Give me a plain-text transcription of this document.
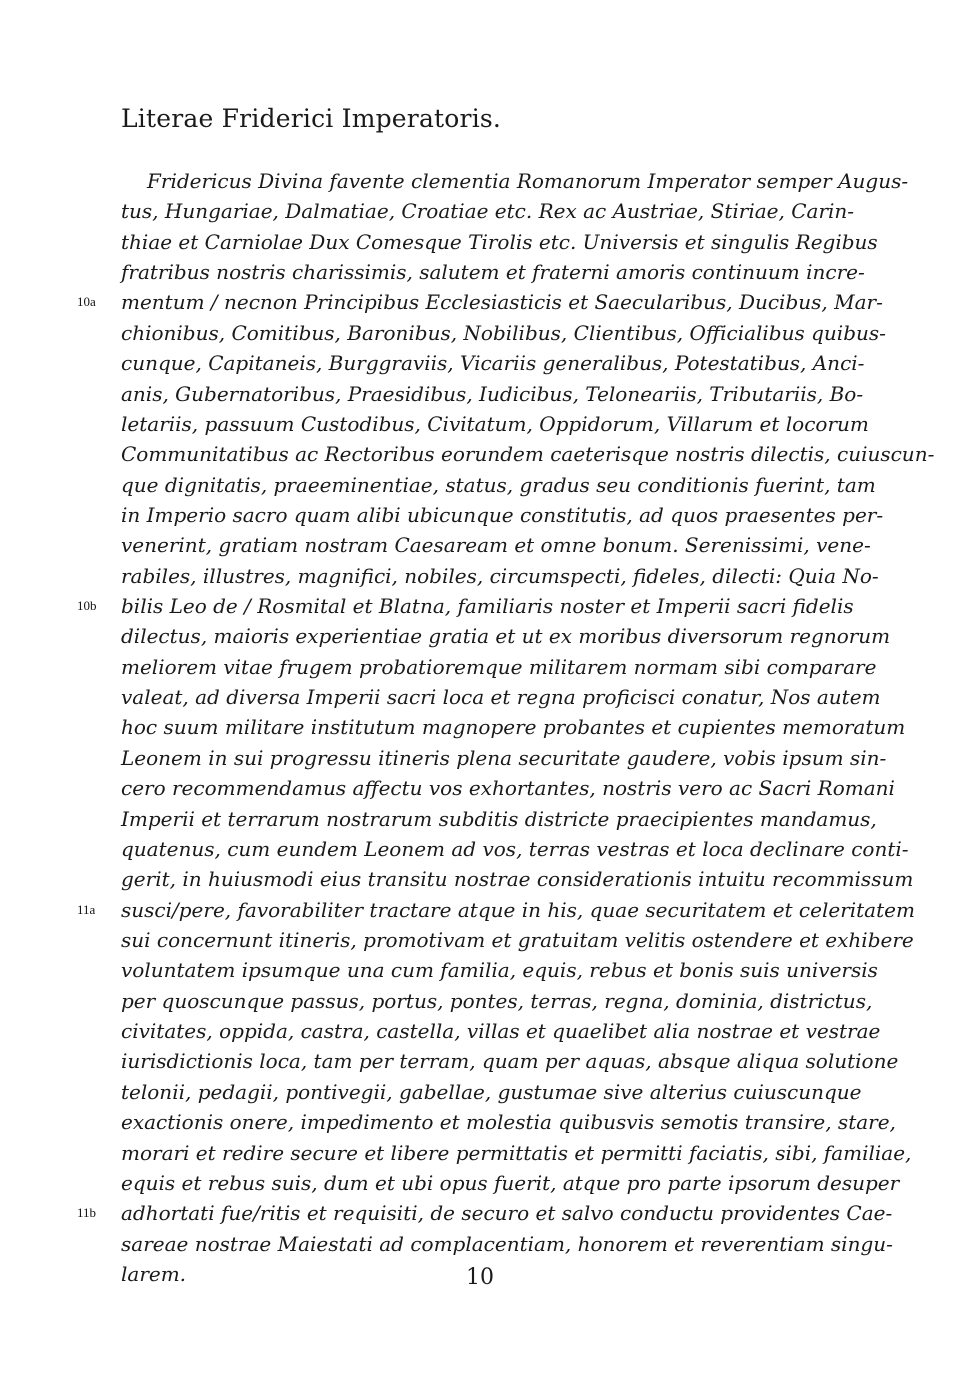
Literae Friderici Imperatoris.
Fridericus Divina favente clementia Romanorum Imperator semper Augus-
tus, Hungariae, Dalmatiae, Croatiae etc. Rex ac Austriae, Stiriae, Carin-
thiae et Carniolae Dux Comesque Tirolis etc. Universis et singulis Regibus
fratribus nostris charissimis, salutem et fraterni amoris continuum incre-
mentum / necnon Principibus Ecclesiasticis et Saecularibus, Ducibus, Mar-
10a
chionibus, Comitibus, Baronibus, Nobilibus, Clientibus, Officialibus quibus-
cunque, Capitaneis, Burggraviis, Vicariis generalibus, Potestatibus, Anci-
anis, Gubernatoribus, Praesidibus, Iudicibus, Teloneariis, Tributariis, Bo-
letariis, passuum Custodibus, Civitatum, Oppidorum, Villarum et locorum
Communitatibus ac Rectoribus eorundem caeterisque nostris dilectis, cuiuscun-
que dignitatis, praeeminentiae, status, gradus seu conditionis fuerint, tam
in Imperio sacro quam alibi ubicunque constitutis, ad quos praesentes per-
venerint, gratiam nostram Caesaream et omne bonum. Serenissimi, vene-
rabiles, illustres, magnifici, nobiles, circumspecti, fideles, dilecti: Quia No-
bilis Leo de / Rosmital et Blatna, familiaris noster et Imperii sacri fidelis
10b
dilectus, maioris experientiae gratia et ut ex moribus diversorum regnorum
meliorem vitae frugem probatioremque militarem normam sibi comparare
valeat, ad diversa Imperii sacri loca et regna proficisci conatur, Nos autem
hoc suum militare institutum magnopere probantes et cupientes memoratum
Leonem in sui progressu itineris plena securitate gaudere, vobis ipsum sin-
cero recommendamus affectu vos exhortantes, nostris vero ac Sacri Romani
Imperii et terrarum nostrarum subditis districte praecipientes mandamus,
quatenus, cum eundem Leonem ad vos, terras vestras et loca declinare conti-
gerit, in huiusmodi eius transitu nostrae considerationis intuitu recommissum
susci/pere, favorabiliter tractare atque in his, quae securitatem et celeritatem
11a
sui concernunt itineris, promotivam et gratuitam velitis ostendere et exhibere
voluntatem ipsumque una cum familia, equis, rebus et bonis suis universis
per quoscunque passus, portus, pontes, terras, regna, dominia, districtus,
civitates, oppida, castra, castella, villas et quaelibet alia nostrae et vestrae
iurisdictionis loca, tam per terram, quam per aquas, absque aliqua solutione
telonii, pedagii, pontivegii, gabellae, gustumae sive alterius cuiuscunque
exactionis onere, impedimento et molestia quibusvis semotis transire, stare,
morari et redire secure et libere permittatis et permitti faciatis, sibi, familiae,
equis et rebus suis, dum et ubi opus fuerit, atque pro parte ipsorum desuper
adhortati fue/ritis et requisiti, de securo et salvo conductu providentes Cae-
11b
sareae nostrae Maiestati ad complacentiam, honorem et reverentiam singu-
larem.	10
